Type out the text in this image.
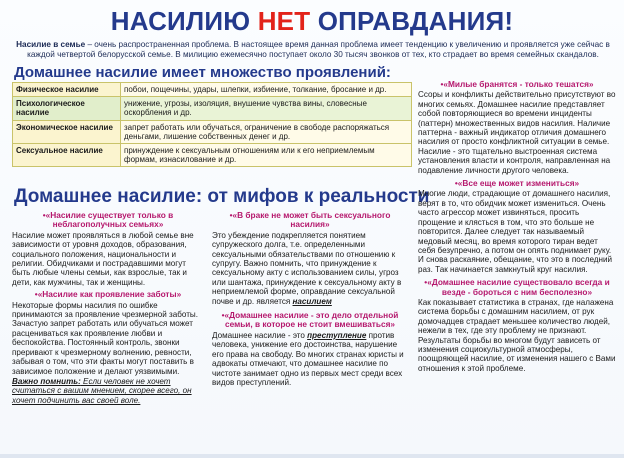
НАСИЛИЮ НЕТ ОПРАВДАНИЯ!
Насилие в семье – очень распространенная проблема. В настоящее время данная проблема имеет тенденцию к увеличению и проявляется уже сейчас в каждой четвертой белорусской семье. В милицию ежемесячно поступает около 30 тысяч звонков от тех, кто страдает во время семейных скандалов.
Домашнее насилие имеет множество проявлений:
Физическое насилие	побои, пощечины, удары, шлепки, избиение, толкание, бросание и др.
Психологическое насилие	унижение, угрозы, изоляция, внушение чувства вины, словесные оскорбления и др.
Экономическое насилие	запрет работать или обучаться, ограничение в свободе распоряжаться деньгами, лишение собственных денег и др.
Сексуальное насилие	принуждение к сексуальным отношениям или к его неприемлемым формам, изнасилование и др.
Домашнее насилие: от мифов к реальности
•«Насилие существует только в неблагополучных семьях»
Насилие может проявляться в любой семье вне зависимости от уровня доходов, образования, социального положения, национальности и религии. Обидчиками и пострадавшими могут быть любые члены семьи, как взрослые, так и дети, как мужчины, так и женщины.
•«Насилие как проявление заботы»
Некоторые формы насилия по ошибке принимаются за проявление чрезмерной заботы. Зачастую запрет работать или обучаться может расцениваться как проявление любви и беспокойства. Постоянный контроль, звонки преривают к чрезмерному волнению, ревности, забывая о том, что эти факты могут поставить в зависимое положение и делают уязвимыми.
Важно помнить: Если человек не хочет считаться с вашим мнением, скорее всего, он хочет подчинить вас своей воле.
•«В браке не может быть сексуального насилия»
Это убеждение подкрепляется понятием супружеского долга, т.е. определенными сексуальными обязательствами по отношению к супругу. Важно помнить, что принуждение к сексуальному акту с использованием силы, угроз или шантажа, принуждение к сексуальному акту в неприемлемой форме, оправдание сексуальной почве и др. является насилием
•«Домашнее насилие - это дело отдельной семьи, в которое не стоит вмешиваться»
Домашнее насилие - это преступление против человека, унижение его достоинства, нарушение его права на свободу. Во многих странах юристы и адвокаты отмечают, что домашнее насилие по чистоте занимает одно из первых мест среди всех видов преступлений.
•«Милые бранятся - только тешатся»
Ссоры и конфликты действительно присутствуют во многих семьях. Домашнее насилие представляет собой повторяющиеся во времени инциденты (паттерн) множественных видов насилия. Наличие паттерна - важный индикатор отличия домашнего насилия от просто конфликтной ситуации в семье. Насилие - это тщательно выстроенная система установления власти и контроля, направленная на подавление личности другого человека.
•«Все еще может измениться»
Многие люди, страдающие от домашнего насилия, верят в то, что обидчик может измениться. Очень часто агрессор может извиняться, просить прощение и клясться в том, что это больше не повторится. Далее следует так называемый медовый месяц, во время которого тиран ведет себя безупречно, а потом он опять поднимает руку. И снова раскаяние, обещание, что это в последний раз. Так начинается замкнутый круг насилия.
•«Домашнее насилие существовало всегда и везде - бороться с ним бесполезно»
Как показывает статистика в странах, где налажена система борьбы с домашним насилием, от рук домочадцев страдает меньшее количество людей, нежели в тех, где эту проблему не признают. Результаты борьбы во многом будут зависеть от изменения социокультурной атмосферы, поощряющей насилие, от изменения нашего с Вами отношения к этой проблеме.
